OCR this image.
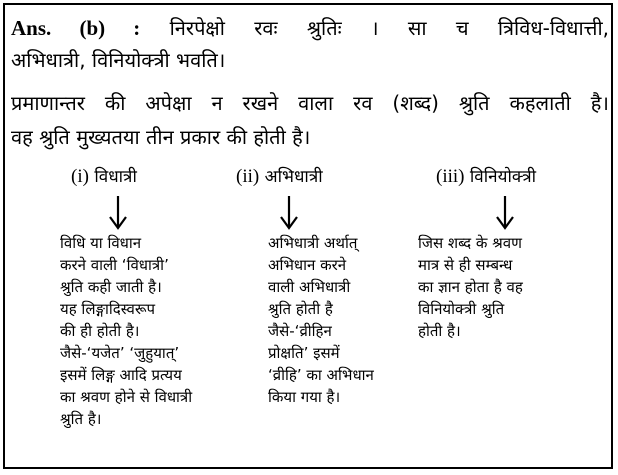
Ans. (b) : निरपेक्षो रवः श्रुतिः । सा च त्रिविध-विधात्ती,
अभिधात्री, विनियोक्त्री भवति।
प्रमाणान्तर की अपेक्षा न रखने वाला रव (शब्द) श्रुति कहलाती है।
वह श्रुति मुख्यतया तीन प्रकार की होती है।
(i) विधात्री
विधि या विधान
करने वाली ‘विधात्री’
श्रुति कही जाती है।
यह लिङ्गादिस्वरूप
की ही होती है।
जैसे-‘यजेत’ ‘जुहुयात्’
इसमें लिङ्ग आदि प्रत्यय
का श्रवण होने से विधात्री
श्रुति है।
(ii) अभिधात्री
अभिधात्री अर्थात्
अभिधान करने
वाली अभिधात्री
श्रुति होती है
जैसे-‘व्रीहिन
प्रोक्षति’ इसमें
‘व्रीहि’ का अभिधान
किया गया है।
(iii) विनियोक्त्री
जिस शब्द के श्रवण
मात्र से ही सम्बन्ध
का ज्ञान होता है वह
विनियोक्त्री श्रुति
होती है।
